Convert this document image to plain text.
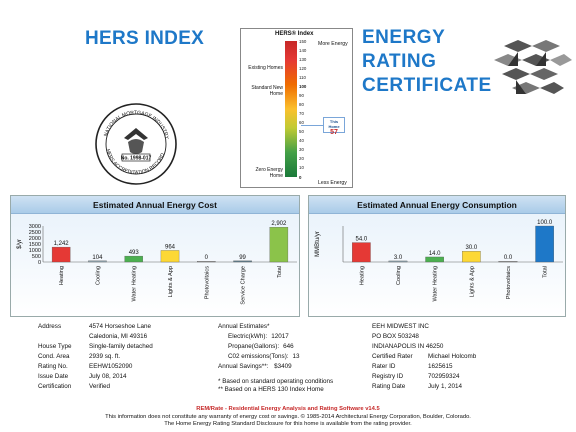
HERS INDEX	ENERGY
RATING
CERTIFICATE
No. 1998-017
NATIONAL MORTGAGE INDUSTRY
HERS ACCREDITATION RECORD
HERS® Index
150
140
130
120
110
100
90
80
70
60
50
40
30
20
10
0
More Energy
Less Energy
Existing Homes
Standard New Home
Zero Energy Home
This Home
57
Estimated Annual Energy Cost
3000
2500
2000
1500
1000
500
0
$/yr	1,242
Heating
104
Cooling
493
Water Heating
964
Lights & App
0
Photovoltaics
99
Service Charge
2,902
Total
Estimated Annual Energy Consumption
MMBtu/yr	54.0
Heating
3.0
Cooling
14.0
Water Heating
30.0
Lights & App
0.0
Photovoltaics
100.0
Total
Address	4574 Horseshoe Lane
Caledonia, MI 49316
House Type	Single-family detached
Cond. Area	2939 sq. ft.
Rating No.	EEHW1052090
Issue Date	July 08, 2014
Certification	Verified
Annual Estimates*
Electric(kWh): 12017
Propane(Gallons): 646
C02 emissions(Tons): 13
Annual Savings**: $3409
* Based on standard operating conditions
** Based on a HERS 130 Index Home
EEH MIDWEST INC
PO BOX 503248
INDIANAPOLIS IN 46250
Certified Rater	Michael Holcomb
Rater ID	1625615
Registry ID	702959324
Rating Date	July 1, 2014
REM/Rate - Residential Energy Analysis and Rating Software v14.5
This information does not constitute any warranty of energy cost or savings. © 1985-2014 Architectural Energy Corporation, Boulder, Colorado.
The Home Energy Rating Standard Disclosure for this home is available from the rating provider.
